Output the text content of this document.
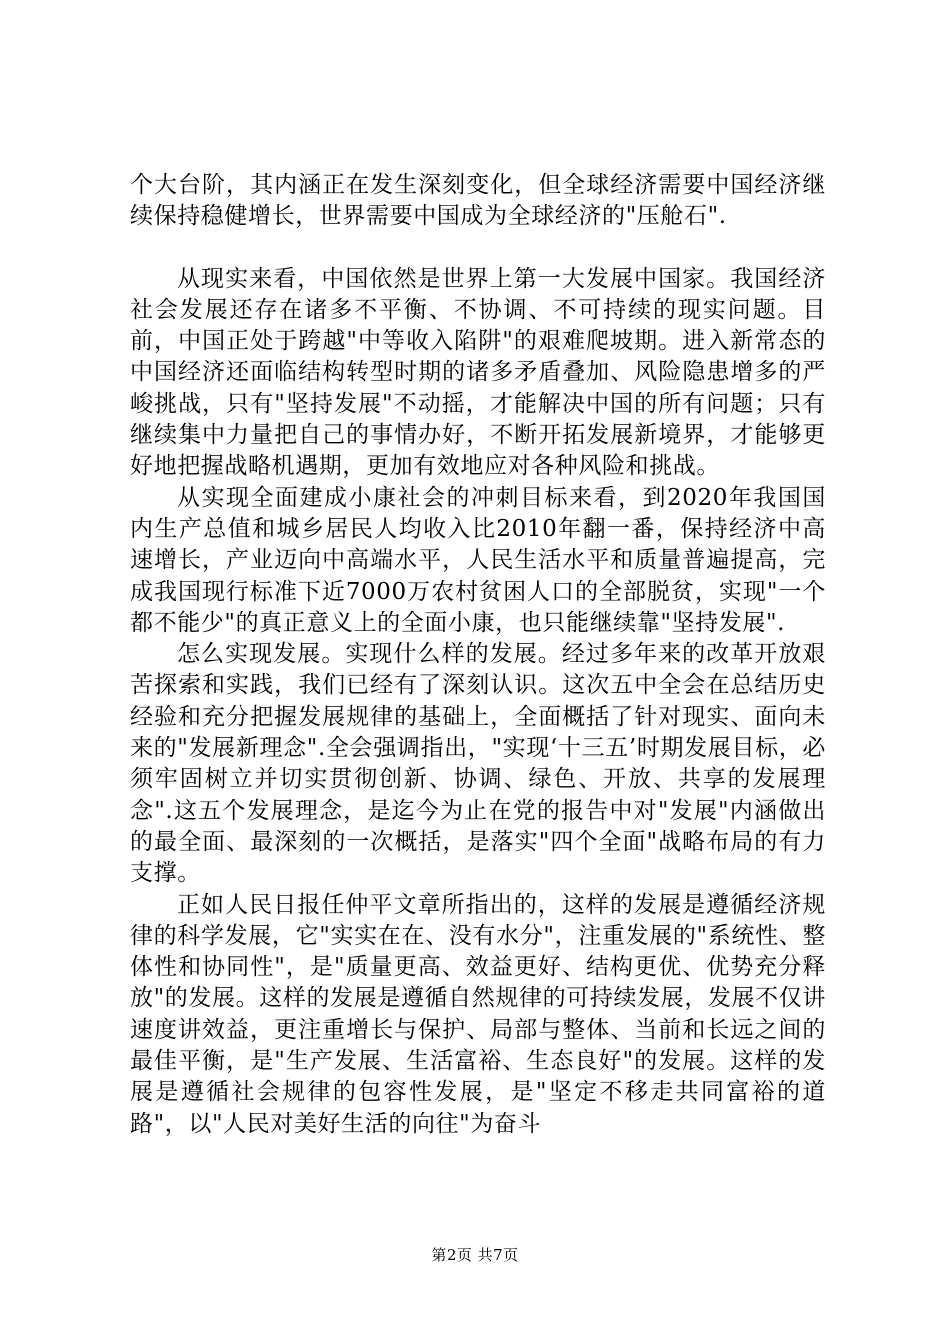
个大台阶，其内涵正在发生深刻变化，但全球经济需要中国经济继续保持稳健增长，世界需要中国成为全球经济的"压舱石".

从现实来看，中国依然是世界上第一大发展中国家。我国经济社会发展还存在诸多不平衡、不协调、不可持续的现实问题。目前，中国正处于跨越"中等收入陷阱"的艰难爬坡期。进入新常态的中国经济还面临结构转型时期的诸多矛盾叠加、风险隐患增多的严峻挑战，只有"坚持发展"不动摇，才能解决中国的所有问题；只有继续集中力量把自己的事情办好，不断开拓发展新境界，才能够更好地把握战略机遇期，更加有效地应对各种风险和挑战。

从实现全面建成小康社会的冲刺目标来看，到2020年我国国内生产总值和城乡居民人均收入比2010年翻一番，保持经济中高速增长，产业迈向中高端水平，人民生活水平和质量普遍提高，完成我国现行标准下近7000万农村贫困人口的全部脱贫，实现"一个都不能少"的真正意义上的全面小康，也只能继续靠"坚持发展".

怎么实现发展。实现什么样的发展。经过多年来的改革开放艰苦探索和实践，我们已经有了深刻认识。这次五中全会在总结历史经验和充分把握发展规律的基础上，全面概括了针对现实、面向未来的"发展新理念".全会强调指出，"实现‘十三五’时期发展目标，必须牢固树立并切实贯彻创新、协调、绿色、开放、共享的发展理念".这五个发展理念，是迄今为止在党的报告中对"发展"内涵做出的最全面、最深刻的一次概括，是落实"四个全面"战略布局的有力支撑。

正如人民日报任仲平文章所指出的，这样的发展是遵循经济规律的科学发展，它"实实在在、没有水分"，注重发展的"系统性、整体性和协同性"，是"质量更高、效益更好、结构更优、优势充分释放"的发展。这样的发展是遵循自然规律的可持续发展，发展不仅讲速度讲效益，更注重增长与保护、局部与整体、当前和长远之间的最佳平衡，是"生产发展、生活富裕、生态良好"的发展。这样的发展是遵循社会规律的包容性发展，是"坚定不移走共同富裕的道路"，以"人民对美好生活的向往"为奋斗

第2页 共7页
